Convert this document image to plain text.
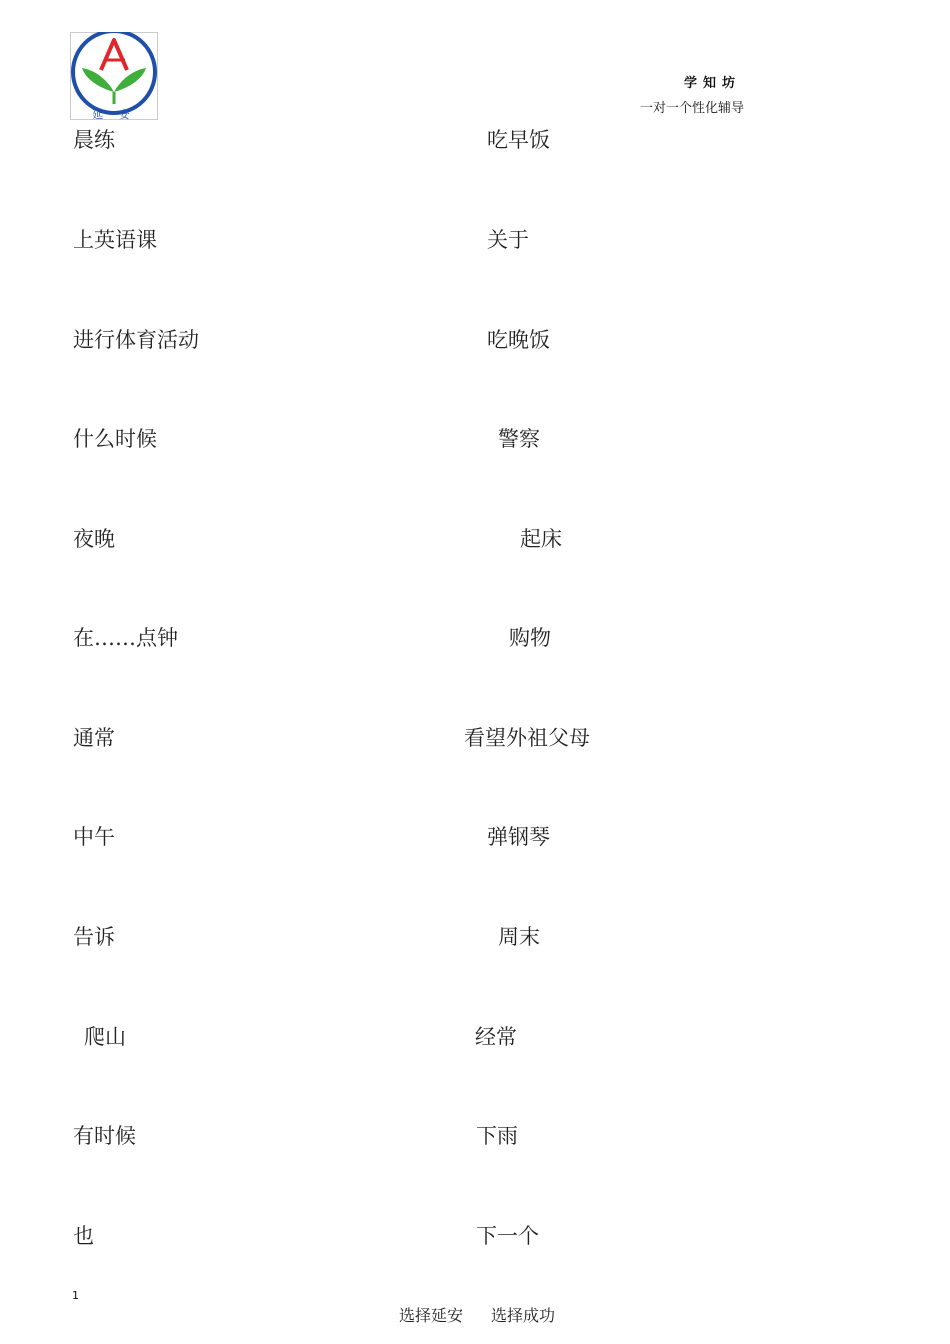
延 安
学知坊
一对一个性化辅导
晨练	吃早饭
上英语课	关于
进行体育活动	吃晚饭
什么时候	警察
夜晚	起床
在……点钟	购物
通常	看望外祖父母
中午	弹钢琴
告诉	周末
爬山	经常
有时候	下雨
也	下一个
1
选择延安 选择成功
